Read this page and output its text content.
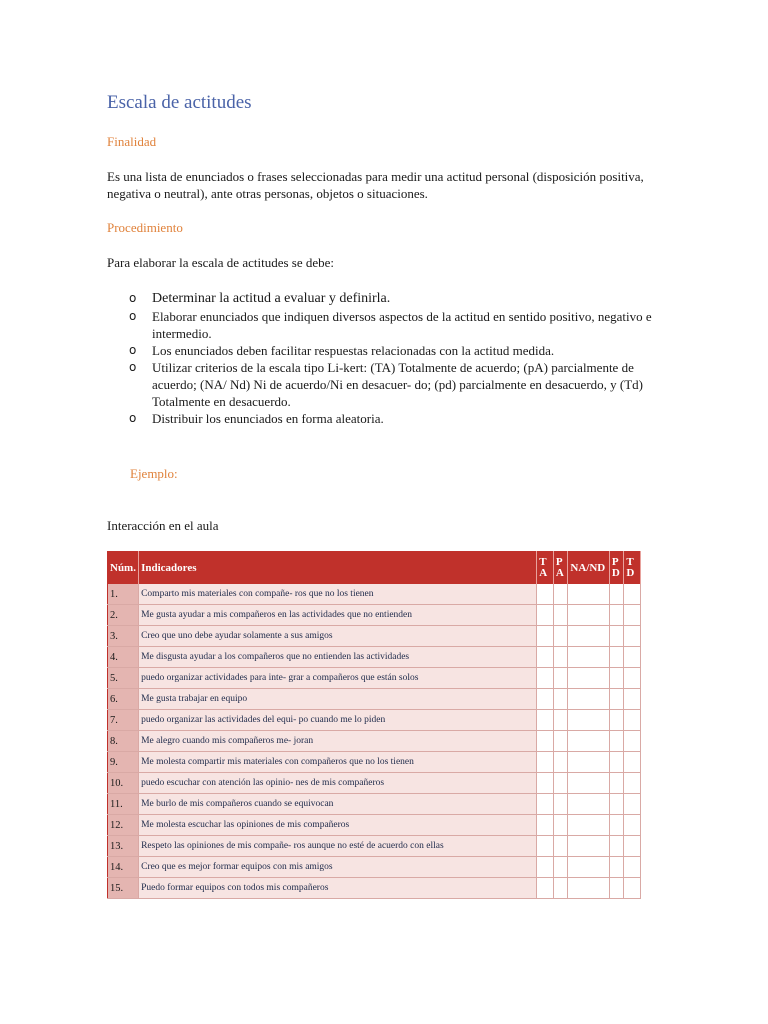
Escala de actitudes
Finalidad

Es una lista de enunciados o frases seleccionadas para medir una actitud personal (disposición positiva, negativa o neutral), ante otras personas, objetos o situaciones.

Procedimiento

Para elaborar la escala de actitudes se debe:

o Determinar la actitud a evaluar y definirla.
o Elaborar enunciados que indiquen diversos aspectos de la actitud en sentido positivo, negativo e intermedio.
o Los enunciados deben facilitar respuestas relacionadas con la actitud medida.
o Utilizar criterios de la escala tipo Li-kert: (TA) Totalmente de acuerdo; (pA) parcialmente de acuerdo; (NA/ Nd) Ni de acuerdo/Ni en desacuer- do; (pd) parcialmente en desacuerdo, y (Td) Totalmente en desacuerdo.
o Distribuir los enunciados en forma aleatoria.
Ejemplo:

Interacción en el aula

Núm.	Indicadores	T A	P A	NA/ND	P D	T D
1.	Comparto mis materiales con compañe- ros que no los tienen					
2.	Me gusta ayudar a mis compañeros en las actividades que no entienden					
3.	Creo que uno debe ayudar solamente a sus amigos					
4.	Me disgusta ayudar a los compañeros que no entienden las actividades					
5.	puedo organizar actividades para inte- grar a compañeros que están solos					
6.	Me gusta trabajar en equipo					
7.	puedo organizar las actividades del equi- po cuando me lo piden					
8.	Me alegro cuando mis compañeros me- joran					
9.	Me molesta compartir mis materiales con compañeros que no los tienen					
10.	puedo escuchar con atención las opinio- nes de mis compañeros					
11.	Me burlo de mis compañeros cuando se equivocan					
12.	Me molesta escuchar las opiniones de mis compañeros					
13.	Respeto las opiniones de mis compañe- ros aunque no esté de acuerdo con ellas					
14.	Creo que es mejor formar equipos con mis amigos					
15.	Puedo formar equipos con todos mis compañeros					
